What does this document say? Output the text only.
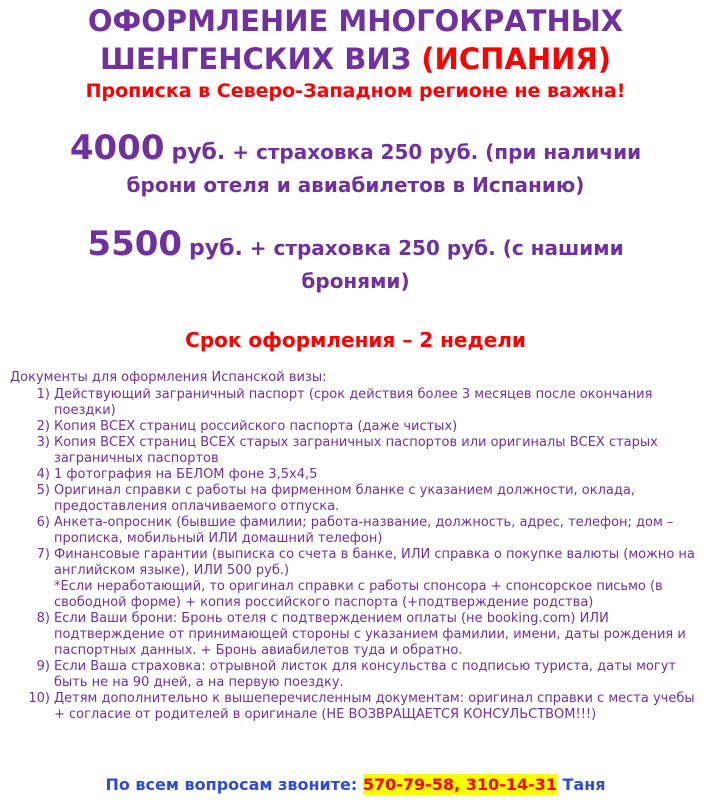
ОФОРМЛЕНИЕ МНОГОКРАТНЫХ
ШЕНГЕНСКИХ ВИЗ (ИСПАНИЯ)
Прописка в Северо-Западном регионе не важна!
4000 руб. + страховка 250 руб. (при наличии
брони отеля и авиабилетов в Испанию)
5500 руб. + страховка 250 руб. (с нашими
бронями)
Срок оформления – 2 недели
Документы для оформления Испанской визы:
1) Действующий заграничный паспорт (срок действия более 3 месяцев после окончания поездки)
2) Копия ВСЕХ страниц российского паспорта (даже чистых)
3) Копия ВСЕХ страниц ВСЕХ старых заграничных паспортов или оригиналы ВСЕХ старых заграничных паспортов
4) 1 фотография на БЕЛОМ фоне 3,5х4,5
5) Оригинал справки с работы на фирменном бланке с указанием должности, оклада, предоставления оплачиваемого отпуска.
6) Анкета-опросник (бывшие фамилии; работа-название, должность, адрес, телефон; дом – прописка, мобильный ИЛИ домашний телефон)
7) Финансовые гарантии (выписка со счета в банке, ИЛИ справка о покупке валюты (можно на английском языке), ИЛИ 500 руб.)
*Если неработающий, то оригинал справки с работы спонсора + спонсорское письмо (в свободной форме) + копия российского паспорта (+подтверждение родства)
8) Если Ваши брони: Бронь отеля с подтверждением оплаты (не booking.com) ИЛИ подтверждение от принимающей стороны с указанием фамилии, имени, даты рождения и паспортных данных. + Бронь авиабилетов туда и обратно.
9) Если Ваша страховка: отрывной листок для консульства с подписью туриста, даты могут быть не на 90 дней, а на первую поездку.
10) Детям дополнительно к вышеперечисленным документам: оригинал справки с места учебы + согласие от родителей в оригинале (НЕ ВОЗВРАЩАЕТСЯ КОНСУЛЬСТВОМ!!!)
По всем вопросам звоните: 570-79-58, 310-14-31 Таня
